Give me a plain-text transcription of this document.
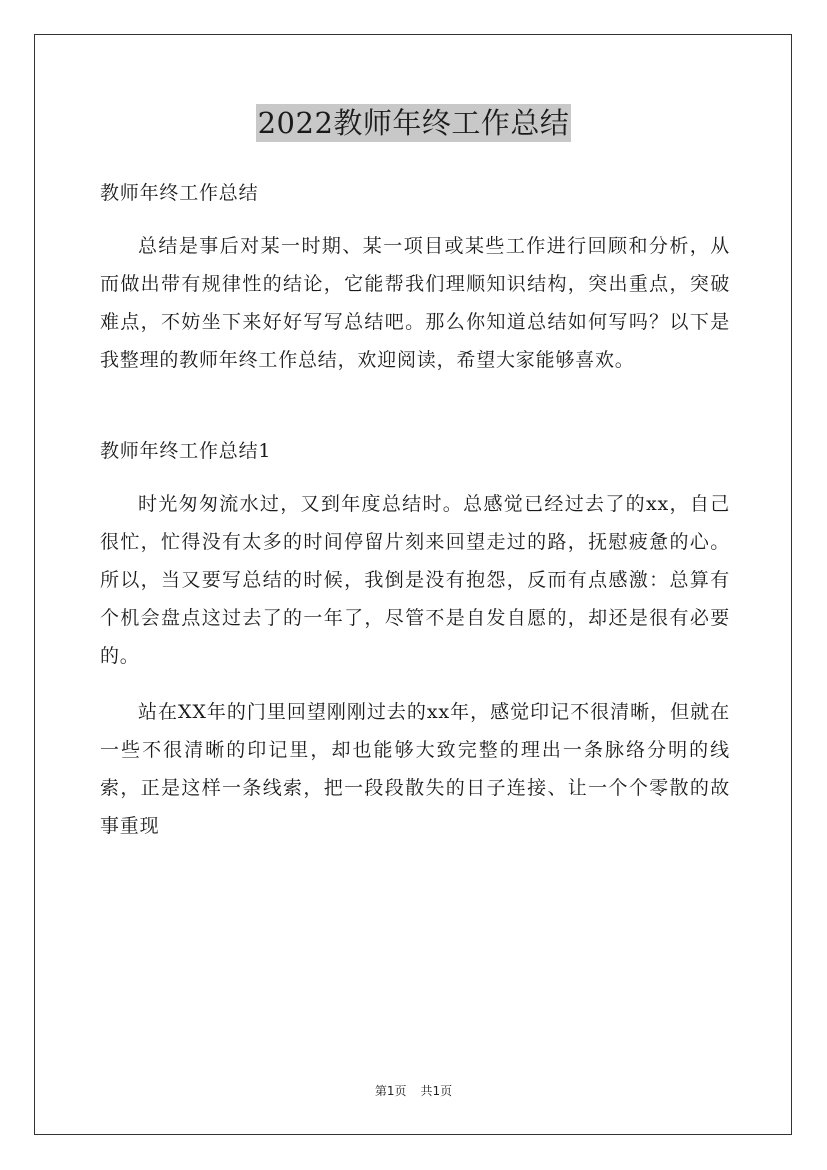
2022教师年终工作总结

教师年终工作总结

总结是事后对某一时期、某一项目或某些工作进行回顾和分析，从而做出带有规律性的结论，它能帮我们理顺知识结构，突出重点，突破难点，不妨坐下来好好写写总结吧。那么你知道总结如何写吗？以下是我整理的教师年终工作总结，欢迎阅读，希望大家能够喜欢。

教师年终工作总结1

时光匆匆流水过，又到年度总结时。总感觉已经过去了的xx，自己很忙，忙得没有太多的时间停留片刻来回望走过的路，抚慰疲惫的心。所以，当又要写总结的时候，我倒是没有抱怨，反而有点感激：总算有个机会盘点这过去了的一年了，尽管不是自发自愿的，却还是很有必要的。

站在XX年的门里回望刚刚过去的xx年，感觉印记不很清晰，但就在一些不很清晰的印记里，却也能够大致完整的理出一条脉络分明的线索，正是这样一条线索，把一段段散失的日子连接、让一个个零散的故事重现

第1页 共1页
